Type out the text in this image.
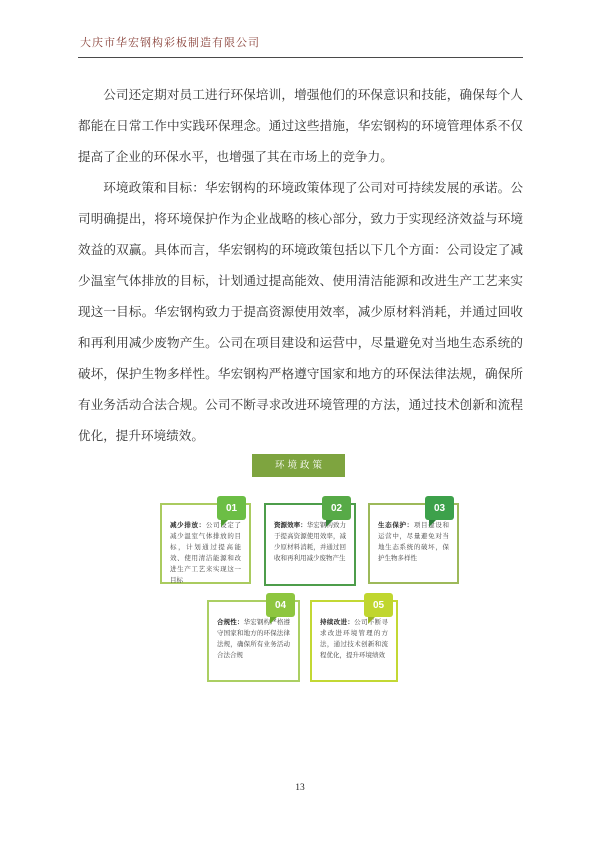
大庆市华宏钢构彩板制造有限公司

公司还定期对员工进行环保培训，增强他们的环保意识和技能，确保每个人都能在日常工作中实践环保理念。通过这些措施，华宏钢构的环境管理体系不仅提高了企业的环保水平，也增强了其在市场上的竞争力。

环境政策和目标：华宏钢构的环境政策体现了公司对可持续发展的承诺。公司明确提出，将环境保护作为企业战略的核心部分，致力于实现经济效益与环境效益的双赢。具体而言，华宏钢构的环境政策包括以下几个方面：公司设定了减少温室气体排放的目标，计划通过提高能效、使用清洁能源和改进生产工艺来实现这一目标。华宏钢构致力于提高资源使用效率，减少原材料消耗，并通过回收和再利用减少废物产生。公司在项目建设和运营中，尽量避免对当地生态系统的破坏，保护生物多样性。华宏钢构严格遵守国家和地方的环保法律法规，确保所有业务活动合法合规。公司不断寻求改进环境管理的方法，通过技术创新和流程优化，提升环境绩效。

环境政策
01

减少排放：公司设定了减少温室气体排放的目标，计划通过提高能效、使用清洁能源和改进生产工艺来实现这一目标

02

资源效率：华宏钢构致力于提高资源使用效率，减少原材料消耗，并通过回收和再利用减少废物产生

03

生态保护：项目建设和运营中，尽量避免对当地生态系统的破坏，保护生物多样性

04

合规性：华宏钢构严格遵守国家和地方的环保法律法规，确保所有业务活动合法合规

05

持续改进：公司不断寻求改进环境管理的方法，通过技术创新和流程优化，提升环境绩效

13
